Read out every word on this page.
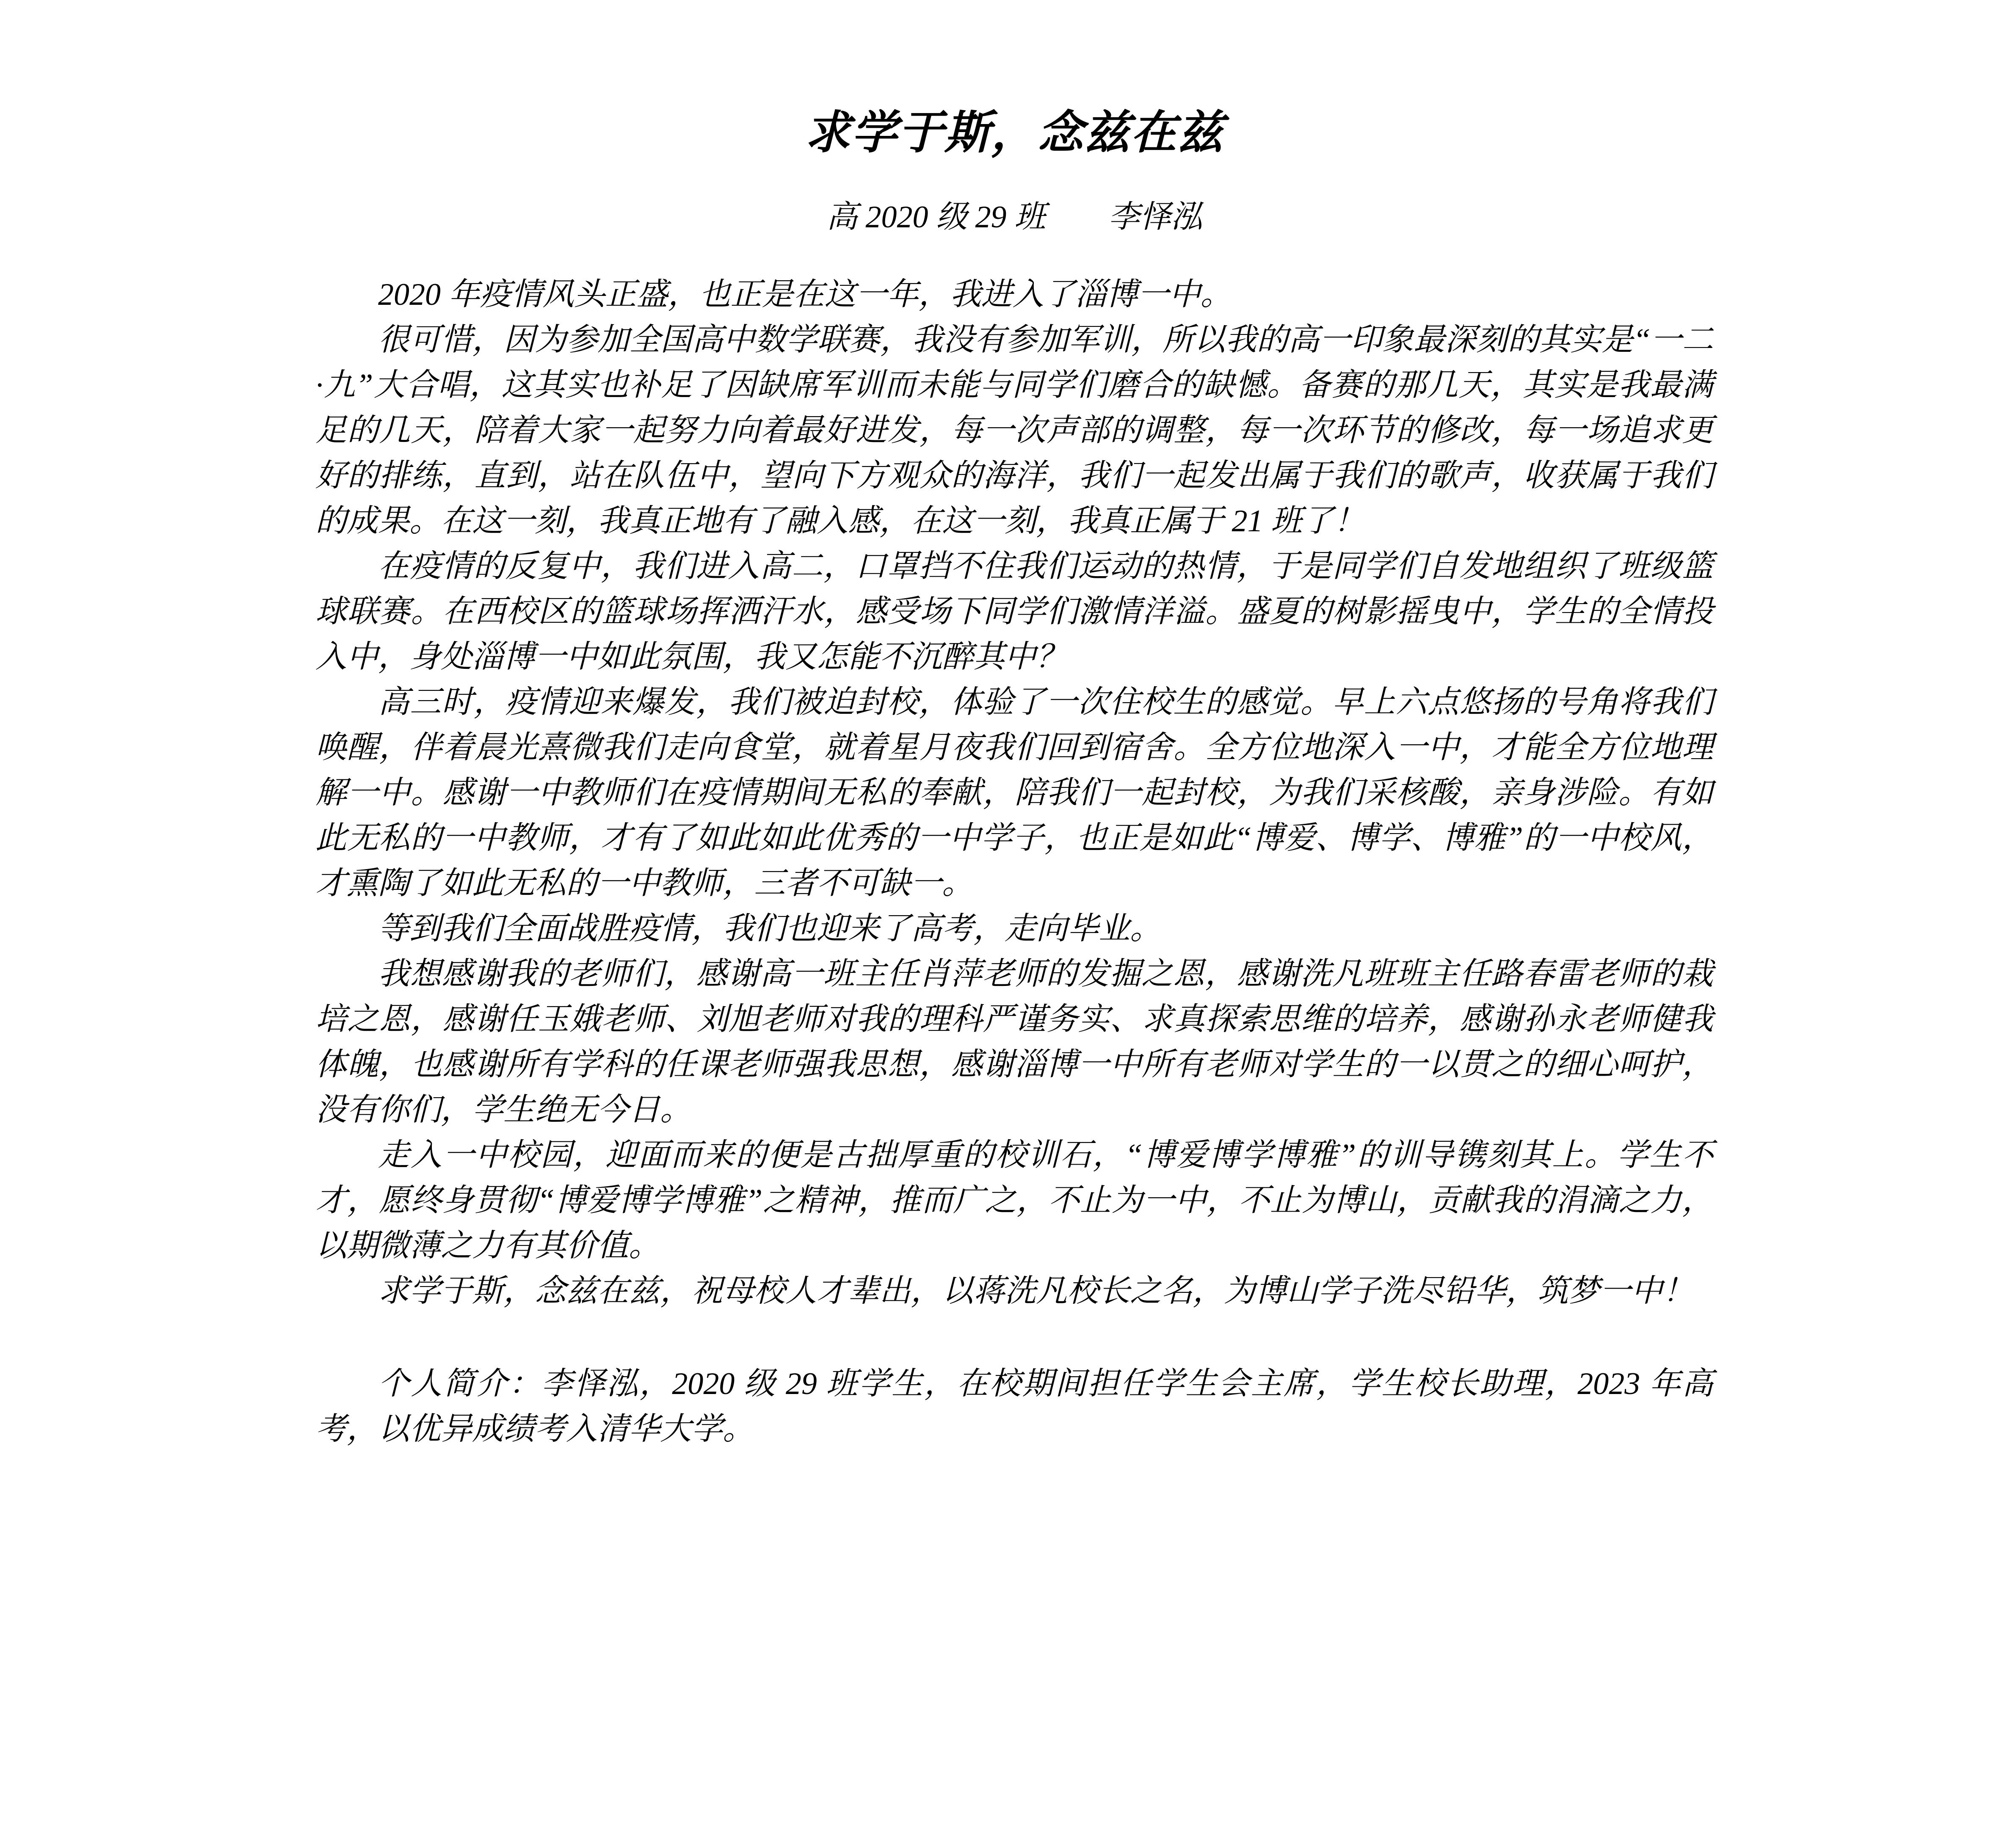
求学于斯，念兹在兹
高 2020 级 29 班 李怿泓

2020 年疫情风头正盛，也正是在这一年，我进入了淄博一中。

很可惜，因为参加全国高中数学联赛，我没有参加军训，所以我的高一印象最深刻的其实是“一二·九”大合唱，这其实也补足了因缺席军训而未能与同学们磨合的缺憾。备赛的那几天，其实是我最满足的几天，陪着大家一起努力向着最好进发，每一次声部的调整，每一次环节的修改，每一场追求更好的排练，直到，站在队伍中，望向下方观众的海洋，我们一起发出属于我们的歌声，收获属于我们的成果。在这一刻，我真正地有了融入感，在这一刻，我真正属于 21 班了！

在疫情的反复中，我们进入高二，口罩挡不住我们运动的热情，于是同学们自发地组织了班级篮球联赛。在西校区的篮球场挥洒汗水，感受场下同学们激情洋溢。盛夏的树影摇曳中，学生的全情投入中，身处淄博一中如此氛围，我又怎能不沉醉其中？

高三时，疫情迎来爆发，我们被迫封校，体验了一次住校生的感觉。早上六点悠扬的号角将我们唤醒，伴着晨光熹微我们走向食堂，就着星月夜我们回到宿舍。全方位地深入一中，才能全方位地理解一中。感谢一中教师们在疫情期间无私的奉献，陪我们一起封校，为我们采核酸，亲身涉险。有如此无私的一中教师，才有了如此如此优秀的一中学子，也正是如此“博爱、博学、博雅”的一中校风，才熏陶了如此无私的一中教师，三者不可缺一。

等到我们全面战胜疫情，我们也迎来了高考，走向毕业。

我想感谢我的老师们，感谢高一班主任肖萍老师的发掘之恩，感谢洗凡班班主任路春雷老师的栽培之恩，感谢任玉娥老师、刘旭老师对我的理科严谨务实、求真探索思维的培养，感谢孙永老师健我体魄，也感谢所有学科的任课老师强我思想，感谢淄博一中所有老师对学生的一以贯之的细心呵护，没有你们，学生绝无今日。

走入一中校园，迎面而来的便是古拙厚重的校训石，“博爱博学博雅”的训导镌刻其上。学生不才，愿终身贯彻“博爱博学博雅”之精神，推而广之，不止为一中，不止为博山，贡献我的涓滴之力，以期微薄之力有其价值。

求学于斯，念兹在兹，祝母校人才辈出，以蒋洗凡校长之名，为博山学子洗尽铅华，筑梦一中！

个人简介：李怿泓，2020 级 29 班学生，在校期间担任学生会主席，学生校长助理，2023 年高考，以优异成绩考入清华大学。
